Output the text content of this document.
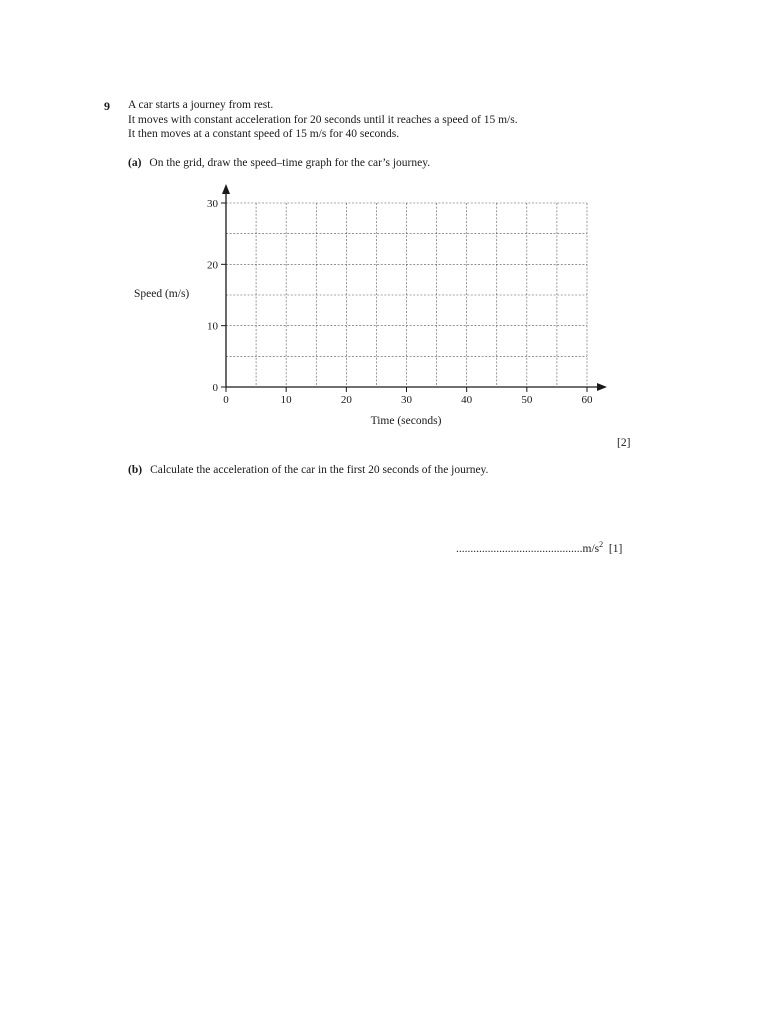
9 A car starts a journey from rest.
It moves with constant acceleration for 20 seconds until it reaches a speed of 15 m/s.
It then moves at a constant speed of 15 m/s for 40 seconds.
(a) On the grid, draw the speed–time graph for the car’s journey.
0	10	20	30	40	50	60
0
10
20
30
Speed (m/s)
Time (seconds)
[2]
(b) Calculate the acceleration of the car in the first 20 seconds of the journey.
$............................................m/s^2$ [1]
